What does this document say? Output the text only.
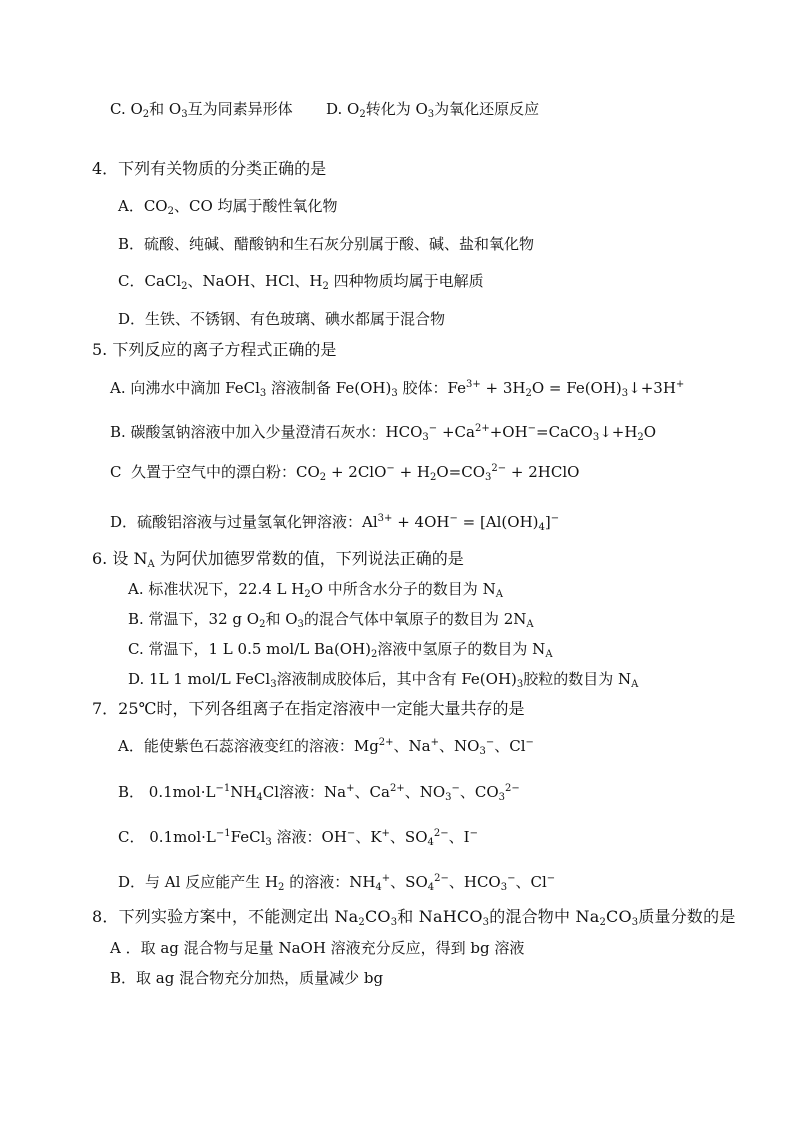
C. $O_2$和 $O_3$互为同素异形体       D. $O_2$转化为 $O_3$为氧化还原反应
4．下列有关物质的分类正确的是
A．$CO_2$、CO 均属于酸性氧化物
B．硫酸、纯碱、醋酸钠和生石灰分别属于酸、碱、盐和氧化物
C．CaCl$_2$、NaOH、HCl、$H_2$ 四种物质均属于电解质
D．生铁、不锈钢、有色玻璃、碘水都属于混合物
5. 下列反应的离子方程式正确的是
A. 向沸水中滴加 FeCl$_3$ 溶液制备 $Fe(OH)_3$ 胶体：$Fe^{3+} + 3H_2O$ = $Fe(OH)_3↓+3H^+$
B. 碳酸氢钠溶液中加入少量澄清石灰水：$HCO_3^-$ $+Ca^{2+}+OH^-=CaCO_3↓+H_2O$
C  久置于空气中的漂白粉：$CO_2 + 2ClO^- + H_2O=CO_3^{2-}$ + 2HClO
D．硫酸铝溶液与过量氢氧化钾溶液：$Al^{3+} + 4OH^- = [Al(OH)_4]^-$
6. 设 $N_A$ 为阿伏加德罗常数的值，下列说法正确的是
A. 标准状况下，22.4 L $H_2O$ 中所含水分子的数目为 $N_A$
B. 常温下，32 g $O_2$和 $O_3$的混合气体中氧原子的数目为 $2N_A$
C. 常温下，1 L 0.5 mol/L $Ba(OH)_2$溶液中氢原子的数目为 $N_A$
D. 1L 1 mol/L FeCl$_3$溶液制成胶体后，其中含有 $Fe(OH)_3$胶粒的数目为 $N_A$
7．25℃时，下列各组离子在指定溶液中一定能大量共存的是
A．能使紫色石蕊溶液变红的溶液：$Mg^{2+}$、Na+、$NO_3^-$、Cl−
B． $0.1mol\cdot L^{-1}NH_4Cl$溶液：Na+、$Ca^{2+}$、$NO_3^-$、$CO_3^{2-}$
C． $0.1mol\cdot L^{-1}FeCl_3$ 溶液：OH−、K+、$SO_4^{2-}$、I−
D．与 Al 反应能产生 $H_2$ 的溶液：$NH_4^+$、$SO_4^{2-}$、$HCO_3^-$、Cl−
8．下列实验方案中，不能测定出 $Na_2CO_3$和 NaHCO$_3$的混合物中 $Na_2CO_3$质量分数的是
A ．取 ag 混合物与足量 NaOH 溶液充分反应，得到 bg 溶液
B．取 ag 混合物充分加热，质量减少 bg
